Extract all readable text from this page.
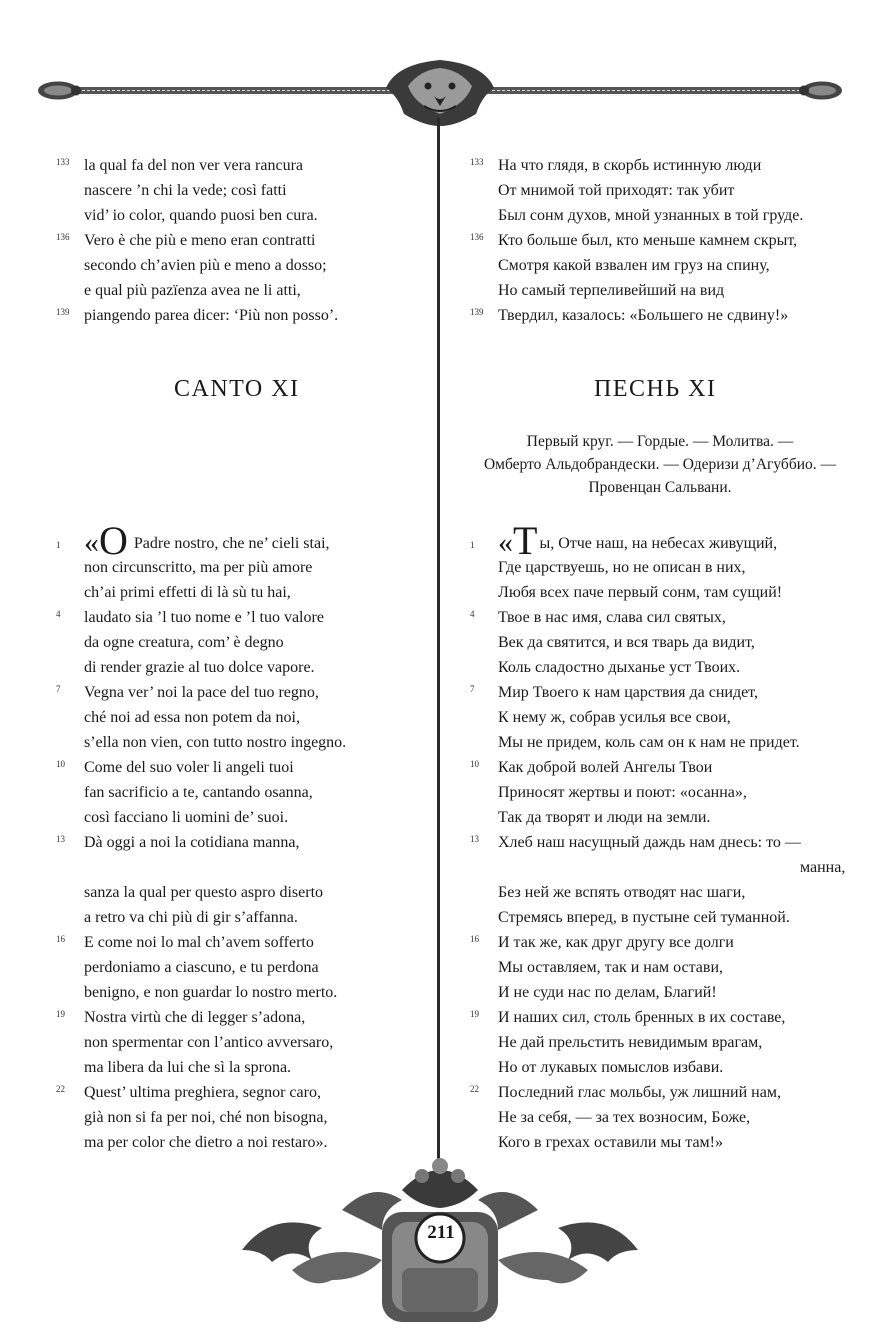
133 la qual fa del non ver vera rancura
nascere ’n chi la vede; così fatti
vid’ io color, quando puosi ben cura.
136 Vero è che più e meno eran contratti
secondo ch’avien più e meno a dosso;
e qual più pazïenza avea ne li atti,
139 piangendo parea dicer: ‘Più non posso’.
CANTO XI
1 «O Padre nostro, che ne’ cieli stai,
non circunscritto, ma per più amore
ch’ai primi effetti di là sù tu hai,
4 laudato sia ’l tuo nome e ’l tuo valore
da ogne creatura, com’ è degno
di render grazie al tuo dolce vapore.
7 Vegna ver’ noi la pace del tuo regno,
ché noi ad essa non potem da noi,
s’ella non vien, con tutto nostro ingegno.
10 Come del suo voler li angeli tuoi
fan sacrificio a te, cantando osanna,
così facciano li uomini de’ suoi.
13 Dà oggi a noi la cotidiana manna,
sanza la qual per questo aspro diserto
a retro va chi più di gir s’affanna.
16 E come noi lo mal ch’avem sofferto
perdoniamo a ciascuno, e tu perdona
benigno, e non guardar lo nostro merto.
19 Nostra virtù che di legger s’adona,
non spermentar con l’antico avversaro,
ma libera da lui che sì la sprona.
22 Quest’ ultima preghiera, segnor caro,
già non si fa per noi, ché non bisogna,
ma per color che dietro a noi restaro».
133 На что глядя, в скорбь истинную люди
От мнимой той приходят: так убит
Был сонм духов, мной узнанных в той груде.
136 Кто больше был, кто меньше камнем скрыт,
Смотря какой взвален им груз на спину,
Но самый терпеливейший на вид
139 Твердил, казалось: «Большего не сдвину!»
ПЕСНЬ XI
Первый круг. — Гордые. — Молитва. —
Омберто Альдобрандески. — Одеризи д’Агуббио. —
Провенцан Сальвани.
1 «Т ы, Отче наш, на небесах живущий,
Где царствуешь, но не описан в них,
Любя всех паче первый сонм, там сущий!
4 Твое в нас имя, слава сил святых,
Век да святится, и вся тварь да видит,
Коль сладостно дыханье уст Твоих.
7 Мир Твоего к нам царствия да снидет,
К нему ж, собрав усилья все свои,
Мы не придем, коль сам он к нам не придет.
10 Как доброй волей Ангелы Твои
Приносят жертвы и поют: «осанна»,
Так да творят и люди на земли.
13 Хлеб наш насущный даждь нам днесь: то —
манна,
Без ней же вспять отводят нас шаги,
Стремясь вперед, в пустыне сей туманной.
16 И так же, как друг другу все долги
Мы оставляем, так и нам остави,
И не суди нас по делам, Благий!
19 И наших сил, столь бренных в их составе,
Не дай прельстить невидимым врагам,
Но от лукавых помыслов избави.
22 Последний глас мольбы, уж лишний нам,
Не за себя, — за тех возносим, Боже,
Кого в грехах оставили мы там!»
211
